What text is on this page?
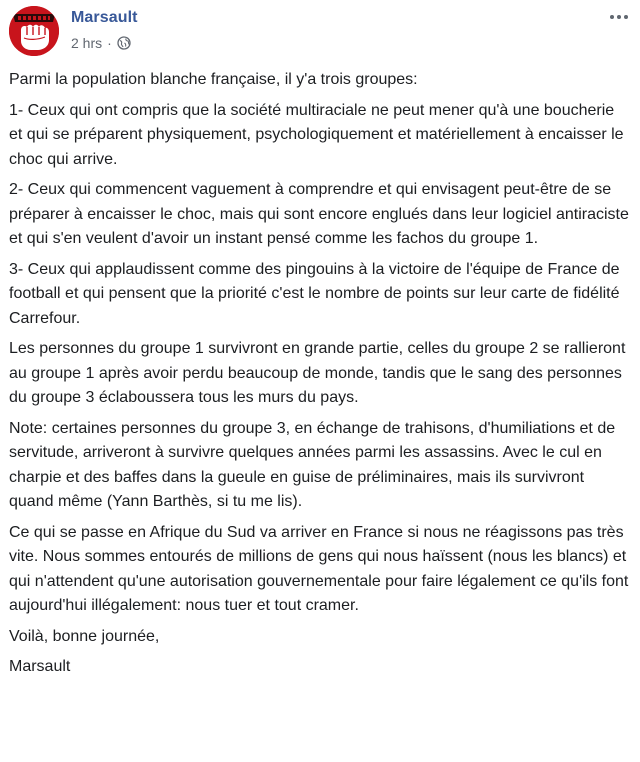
Marsault
2 hrs ·

Parmi la population blanche française, il y'a trois groupes:

1- Ceux qui ont compris que la société multiraciale ne peut mener qu'à une boucherie et qui se préparent physiquement, psychologiquement et matériellement à encaisser le choc qui arrive.

2- Ceux qui commencent vaguement à comprendre et qui envisagent peut-être de se préparer à encaisser le choc, mais qui sont encore englués dans leur logiciel antiraciste et qui s'en veulent d'avoir un instant pensé comme les fachos du groupe 1.

3- Ceux qui applaudissent comme des pingouins à la victoire de l'équipe de France de football et qui pensent que la priorité c'est le nombre de points sur leur carte de fidélité Carrefour.

Les personnes du groupe 1 survivront en grande partie, celles du groupe 2 se rallieront au groupe 1 après avoir perdu beaucoup de monde, tandis que le sang des personnes du groupe 3 éclaboussera tous les murs du pays.

Note: certaines personnes du groupe 3, en échange de trahisons, d'humiliations et de servitude, arriveront à survivre quelques années parmi les assassins. Avec le cul en charpie et des baffes dans la gueule en guise de préliminaires, mais ils survivront quand même (Yann Barthès, si tu me lis).

Ce qui se passe en Afrique du Sud va arriver en France si nous ne réagissons pas très vite. Nous sommes entourés de millions de gens qui nous haïssent (nous les blancs) et qui n'attendent qu'une autorisation gouvernementale pour faire légalement ce qu'ils font aujourd'hui illégalement: nous tuer et tout cramer.

Voilà, bonne journée,

Marsault
